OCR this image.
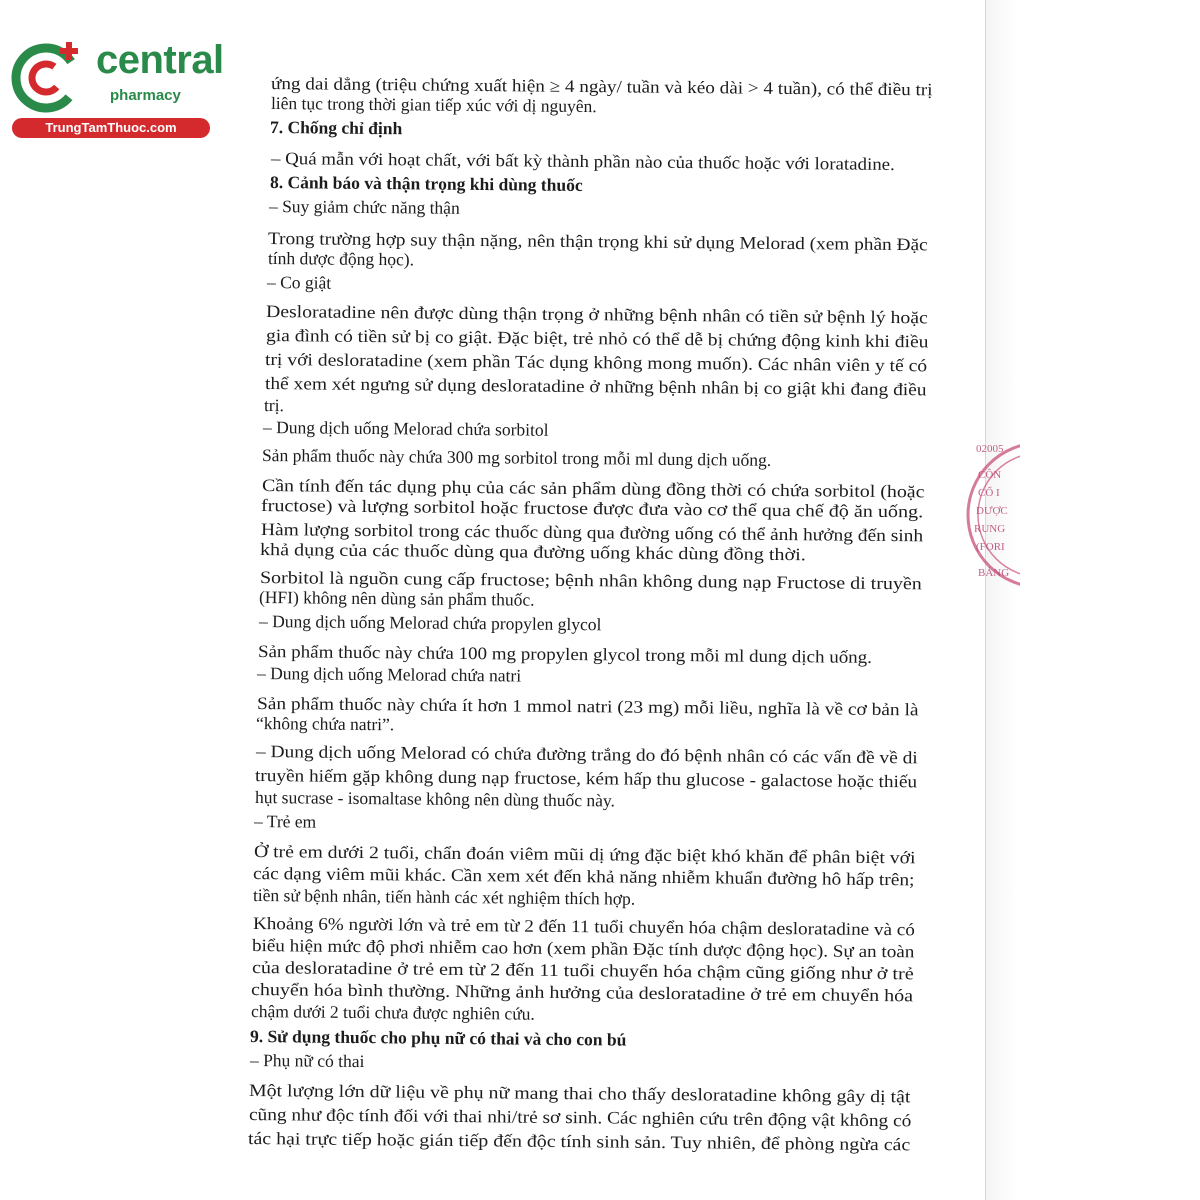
central
pharmacy
TrungTamThuoc.com
02005
CÔN
CỔ I
DƯỢC
RUNG
(FORI
BẢNG
ứng dai dẳng (triệu chứng xuất hiện ≥ 4 ngày/ tuần và kéo dài > 4 tuần), có thể điều trị
liên tục trong thời gian tiếp xúc với dị nguyên.
7. Chống chỉ định
– Quá mẫn với hoạt chất, với bất kỳ thành phần nào của thuốc hoặc với loratadine.
8. Cảnh báo và thận trọng khi dùng thuốc
– Suy giảm chức năng thận
Trong trường hợp suy thận nặng, nên thận trọng khi sử dụng Melorad (xem phần Đặc
tính dược động học).
– Co giật
Desloratadine nên được dùng thận trọng ở những bệnh nhân có tiền sử bệnh lý hoặc
gia đình có tiền sử bị co giật. Đặc biệt, trẻ nhỏ có thể dễ bị chứng động kinh khi điều
trị với desloratadine (xem phần Tác dụng không mong muốn). Các nhân viên y tế có
thể xem xét ngưng sử dụng desloratadine ở những bệnh nhân bị co giật khi đang điều
trị.
– Dung dịch uống Melorad chứa sorbitol
Sản phẩm thuốc này chứa 300 mg sorbitol trong mỗi ml dung dịch uống.
Cần tính đến tác dụng phụ của các sản phẩm dùng đồng thời có chứa sorbitol (hoặc
fructose) và lượng sorbitol hoặc fructose được đưa vào cơ thể qua chế độ ăn uống.
Hàm lượng sorbitol trong các thuốc dùng qua đường uống có thể ảnh hưởng đến sinh
khả dụng của các thuốc dùng qua đường uống khác dùng đồng thời.
Sorbitol là nguồn cung cấp fructose; bệnh nhân không dung nạp Fructose di truyền
(HFI) không nên dùng sản phẩm thuốc.
– Dung dịch uống Melorad chứa propylen glycol
Sản phẩm thuốc này chứa 100 mg propylen glycol trong mỗi ml dung dịch uống.
– Dung dịch uống Melorad chứa natri
Sản phẩm thuốc này chứa ít hơn 1 mmol natri (23 mg) mỗi liều, nghĩa là về cơ bản là
“không chứa natri”.
– Dung dịch uống Melorad có chứa đường trắng do đó bệnh nhân có các vấn đề về di
truyền hiếm gặp không dung nạp fructose, kém hấp thu glucose - galactose hoặc thiếu
hụt sucrase - isomaltase không nên dùng thuốc này.
– Trẻ em
Ở trẻ em dưới 2 tuổi, chẩn đoán viêm mũi dị ứng đặc biệt khó khăn để phân biệt với
các dạng viêm mũi khác. Cần xem xét đến khả năng nhiễm khuẩn đường hô hấp trên;
tiền sử bệnh nhân, tiến hành các xét nghiệm thích hợp.
Khoảng 6% người lớn và trẻ em từ 2 đến 11 tuổi chuyển hóa chậm desloratadine và có
biểu hiện mức độ phơi nhiễm cao hơn (xem phần Đặc tính dược động học). Sự an toàn
của desloratadine ở trẻ em từ 2 đến 11 tuổi chuyển hóa chậm cũng giống như ở trẻ
chuyển hóa bình thường. Những ảnh hưởng của desloratadine ở trẻ em chuyển hóa
chậm dưới 2 tuổi chưa được nghiên cứu.
9. Sử dụng thuốc cho phụ nữ có thai và cho con bú
– Phụ nữ có thai
Một lượng lớn dữ liệu về phụ nữ mang thai cho thấy desloratadine không gây dị tật
cũng như độc tính đối với thai nhi/trẻ sơ sinh. Các nghiên cứu trên động vật không có
tác hại trực tiếp hoặc gián tiếp đến độc tính sinh sản. Tuy nhiên, để phòng ngừa các
